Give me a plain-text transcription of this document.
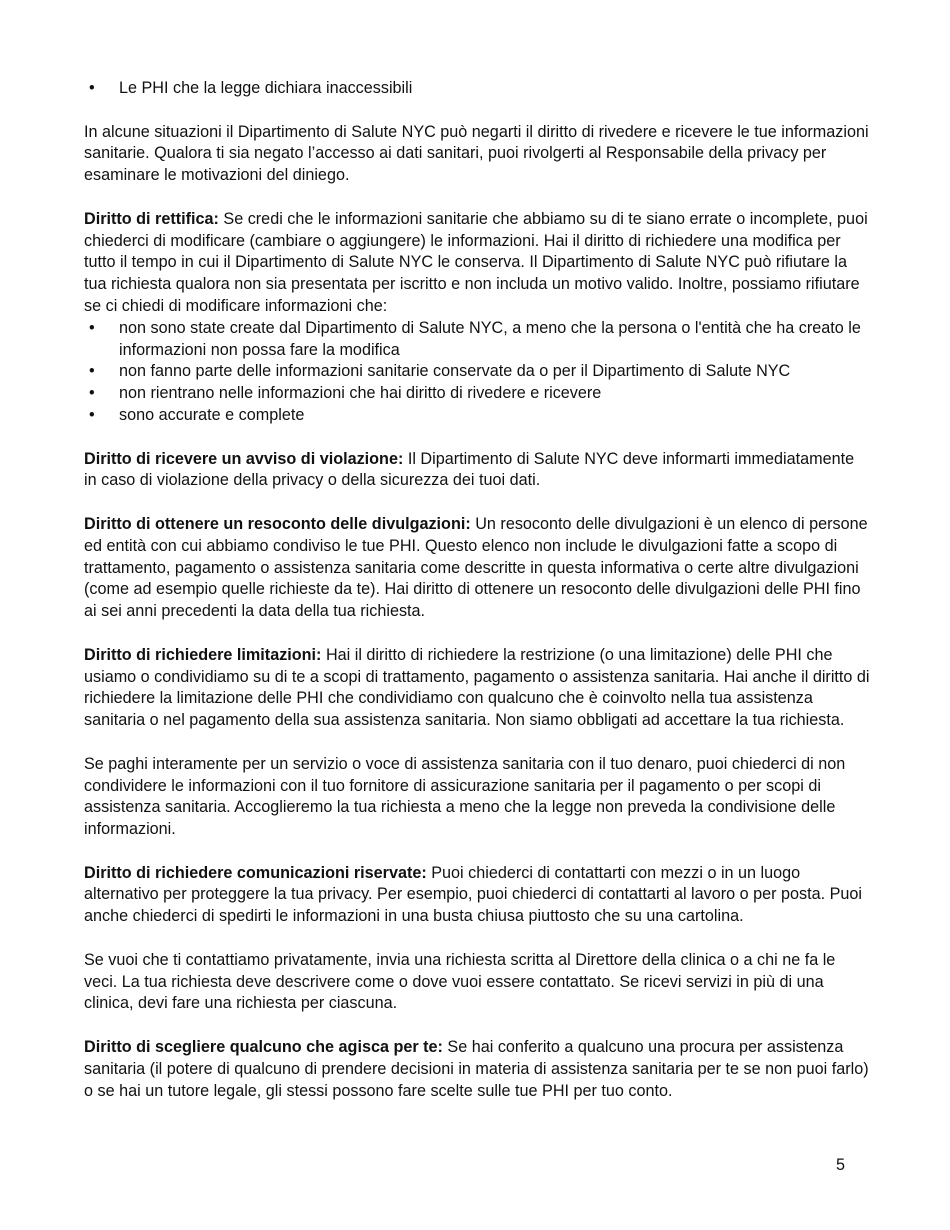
• Le PHI che la legge dichiara inaccessibili

In alcune situazioni il Dipartimento di Salute NYC può negarti il diritto di rivedere e ricevere le tue informazioni sanitarie. Qualora ti sia negato l’accesso ai dati sanitari, puoi rivolgerti al Responsabile della privacy per esaminare le motivazioni del diniego.

Diritto di rettifica: Se credi che le informazioni sanitarie che abbiamo su di te siano errate o incomplete, puoi chiederci di modificare (cambiare o aggiungere) le informazioni. Hai il diritto di richiedere una modifica per tutto il tempo in cui il Dipartimento di Salute NYC le conserva. Il Dipartimento di Salute NYC può rifiutare la tua richiesta qualora non sia presentata per iscritto e non includa un motivo valido. Inoltre, possiamo rifiutare se ci chiedi di modificare informazioni che:

• non sono state create dal Dipartimento di Salute NYC, a meno che la persona o l'entità che ha creato le informazioni non possa fare la modifica
• non fanno parte delle informazioni sanitarie conservate da o per il Dipartimento di Salute NYC
• non rientrano nelle informazioni che hai diritto di rivedere e ricevere
• sono accurate e complete

Diritto di ricevere un avviso di violazione: Il Dipartimento di Salute NYC deve informarti immediatamente in caso di violazione della privacy o della sicurezza dei tuoi dati.

Diritto di ottenere un resoconto delle divulgazioni: Un resoconto delle divulgazioni è un elenco di persone ed entità con cui abbiamo condiviso le tue PHI. Questo elenco non include le divulgazioni fatte a scopo di trattamento, pagamento o assistenza sanitaria come descritte in questa informativa o certe altre divulgazioni (come ad esempio quelle richieste da te). Hai diritto di ottenere un resoconto delle divulgazioni delle PHI fino ai sei anni precedenti la data della tua richiesta.

Diritto di richiedere limitazioni: Hai il diritto di richiedere la restrizione (o una limitazione) delle PHI che usiamo o condividiamo su di te a scopi di trattamento, pagamento o assistenza sanitaria. Hai anche il diritto di richiedere la limitazione delle PHI che condividiamo con qualcuno che è coinvolto nella tua assistenza sanitaria o nel pagamento della sua assistenza sanitaria. Non siamo obbligati ad accettare la tua richiesta.

Se paghi interamente per un servizio o voce di assistenza sanitaria con il tuo denaro, puoi chiederci di non condividere le informazioni con il tuo fornitore di assicurazione sanitaria per il pagamento o per scopi di assistenza sanitaria. Accoglieremo la tua richiesta a meno che la legge non preveda la condivisione delle informazioni.

Diritto di richiedere comunicazioni riservate: Puoi chiederci di contattarti con mezzi o in un luogo alternativo per proteggere la tua privacy. Per esempio, puoi chiederci di contattarti al lavoro o per posta. Puoi anche chiederci di spedirti le informazioni in una busta chiusa piuttosto che su una cartolina.

Se vuoi che ti contattiamo privatamente, invia una richiesta scritta al Direttore della clinica o a chi ne fa le veci. La tua richiesta deve descrivere come o dove vuoi essere contattato. Se ricevi servizi in più di una clinica, devi fare una richiesta per ciascuna.

Diritto di scegliere qualcuno che agisca per te: Se hai conferito a qualcuno una procura per assistenza sanitaria (il potere di qualcuno di prendere decisioni in materia di assistenza sanitaria per te se non puoi farlo) o se hai un tutore legale, gli stessi possono fare scelte sulle tue PHI per tuo conto.

5
